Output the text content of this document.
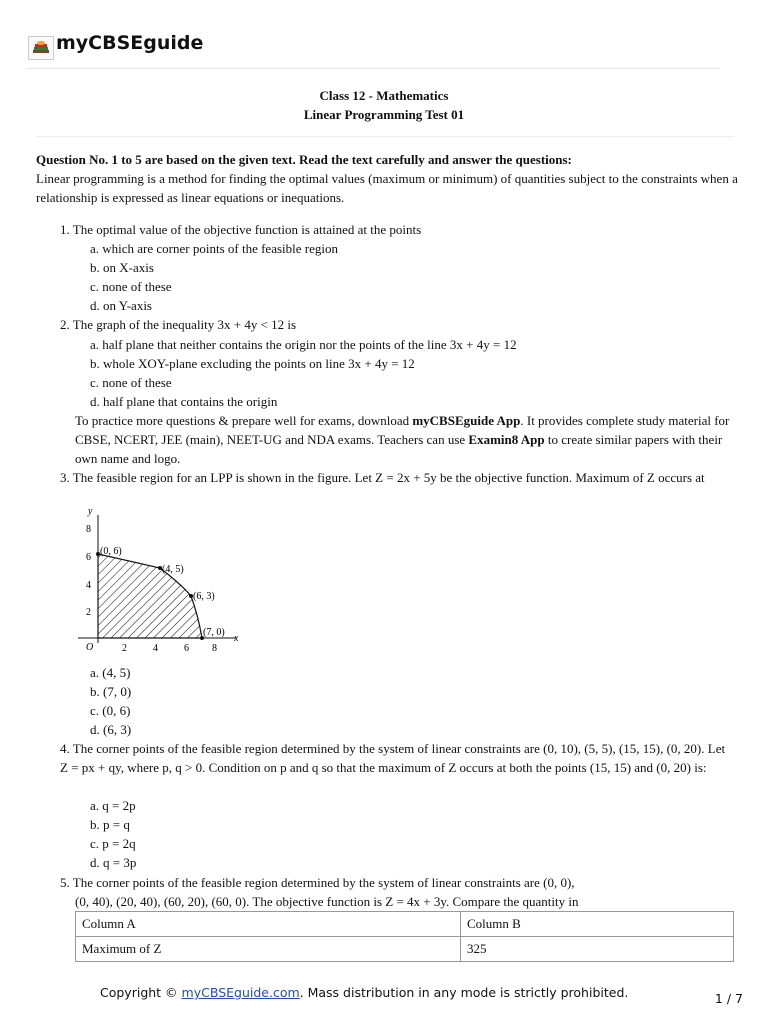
myCBSEguide
Class 12 - Mathematics
Linear Programming Test 01
Question No. 1 to 5 are based on the given text. Read the text carefully and answer the questions:
Linear programming is a method for finding the optimal values (maximum or minimum) of quantities subject to the constraints when a relationship is expressed as linear equations or inequations.
1. The optimal value of the objective function is attained at the points
a. which are corner points of the feasible region
b. on X-axis
c. none of these
d. on Y-axis
2. The graph of the inequality 3x + 4y < 12 is
a. half plane that neither contains the origin nor the points of the line 3x + 4y = 12
b. whole XOY-plane excluding the points on line 3x + 4y = 12
c. none of these
d. half plane that contains the origin
To practice more questions & prepare well for exams, download myCBSEguide App. It provides complete study material for CBSE, NCERT, JEE (main), NEET-UG and NDA exams. Teachers can use Examin8 App to create similar papers with their own name and logo.
3. The feasible region for an LPP is shown in the figure. Let Z = 2x + 5y be the objective function. Maximum of Z occurs at
y
x
O	2	4	6 8
2
4
6
8
(0, 6)
(4, 5)
(6, 3)
(7, 0)
a. (4, 5)
b. (7, 0)
c. (0, 6)
d. (6, 3)
4. The corner points of the feasible region determined by the system of linear constraints are (0, 10), (5, 5), (15, 15), (0, 20). Let Z = px + qy, where p, q > 0. Condition on p and q so that the maximum of Z occurs at both the points (15, 15) and (0, 20) is:
a. q = 2p
b. p = q
c. p = 2q
d. q = 3p
5. The corner points of the feasible region determined by the system of linear constraints are (0, 0),
(0, 40), (20, 40), (60, 20), (60, 0). The objective function is Z = 4x + 3y. Compare the quantity in
Column A	Column B
Maximum of Z	325
Copyright © myCBSEguide.com. Mass distribution in any mode is strictly prohibited.	1 / 7
